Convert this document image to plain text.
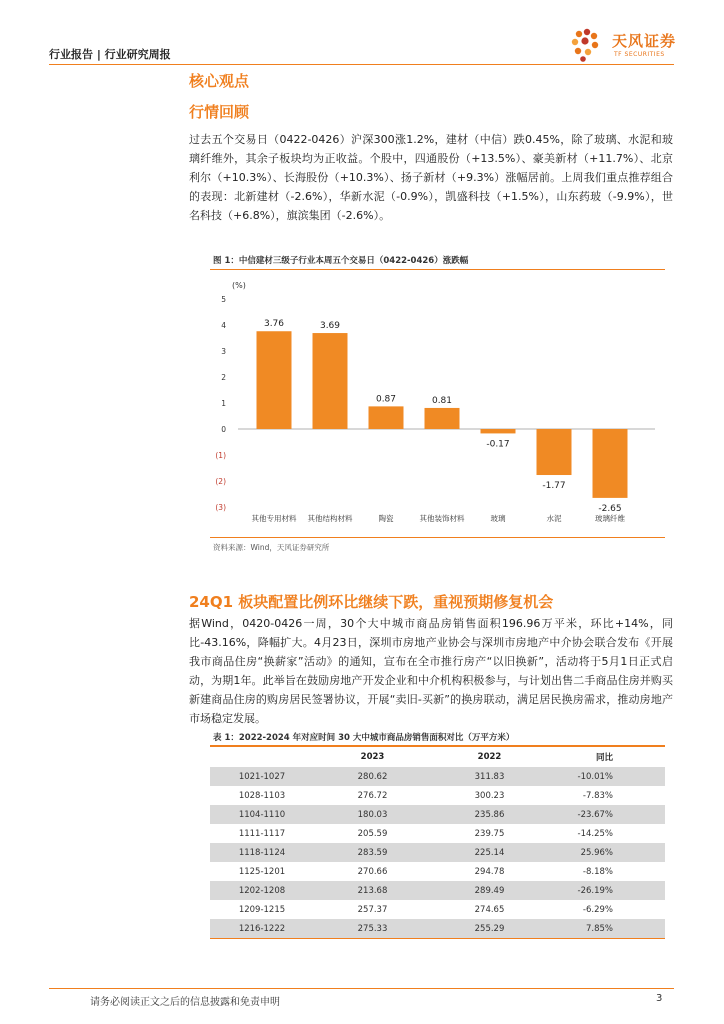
行业报告 | 行业研究周报
天风证券
TF SECURITIES
核心观点
行情回顾
过去五个交易日（0422-0426）沪深300涨1.2%，建材（中信）跌0.45%，除了玻璃、水泥和玻璃纤维外，其余子板块均为正收益。个股中，四通股份（+13.5%）、豪美新材（+11.7%）、北京利尔（+10.3%）、长海股份（+10.3%）、扬子新材（+9.3%）涨幅居前。上周我们重点推荐组合的表现：北新建材（-2.6%），华新水泥（-0.9%），凯盛科技（+1.5%），山东药玻（-9.9%），世名科技（+6.8%），旗滨集团（-2.6%）。
图 1：中信建材三级子行业本周五个交易日（0422-0426）涨跌幅
(%)
5
4
3
2
1
0
(1)
(2)
(3)
3.76
其他专用材料
3.69
其他结构材料
0.87
陶瓷
0.81
其他装饰材料
-0.17
玻璃
-1.77
水泥
-2.65
玻璃纤维
资料来源：Wind，天风证券研究所
24Q1 板块配置比例环比继续下跌，重视预期修复机会
据Wind，0420-0426一周，30个大中城市商品房销售面积196.96万平米，环比+14%，同比-43.16%，降幅扩大。4月23日，深圳市房地产业协会与深圳市房地产中介协会联合发布《开展我市商品住房“换薪家”活动》的通知，宣布在全市推行房产“以旧换新”，活动将于5月1日正式启动，为期1年。此举旨在鼓励房地产开发企业和中介机构积极参与，与计划出售二手商品住房并购买新建商品住房的购房居民签署协议，开展“卖旧-买新”的换房联动，满足居民换房需求，推动房地产市场稳定发展。
表 1：2022-2024 年对应时间 30 大中城市商品房销售面积对比（万平方米）
	2023	2022	同比
1021-1027	280.62	311.83	-10.01%
1028-1103	276.72	300.23	-7.83%
1104-1110	180.03	235.86	-23.67%
1111-1117	205.59	239.75	-14.25%
1118-1124	283.59	225.14	25.96%
1125-1201	270.66	294.78	-8.18%
1202-1208	213.68	289.49	-26.19%
1209-1215	257.37	274.65	-6.29%
1216-1222	275.33	255.29	7.85%
请务必阅读正文之后的信息披露和免责申明	3
